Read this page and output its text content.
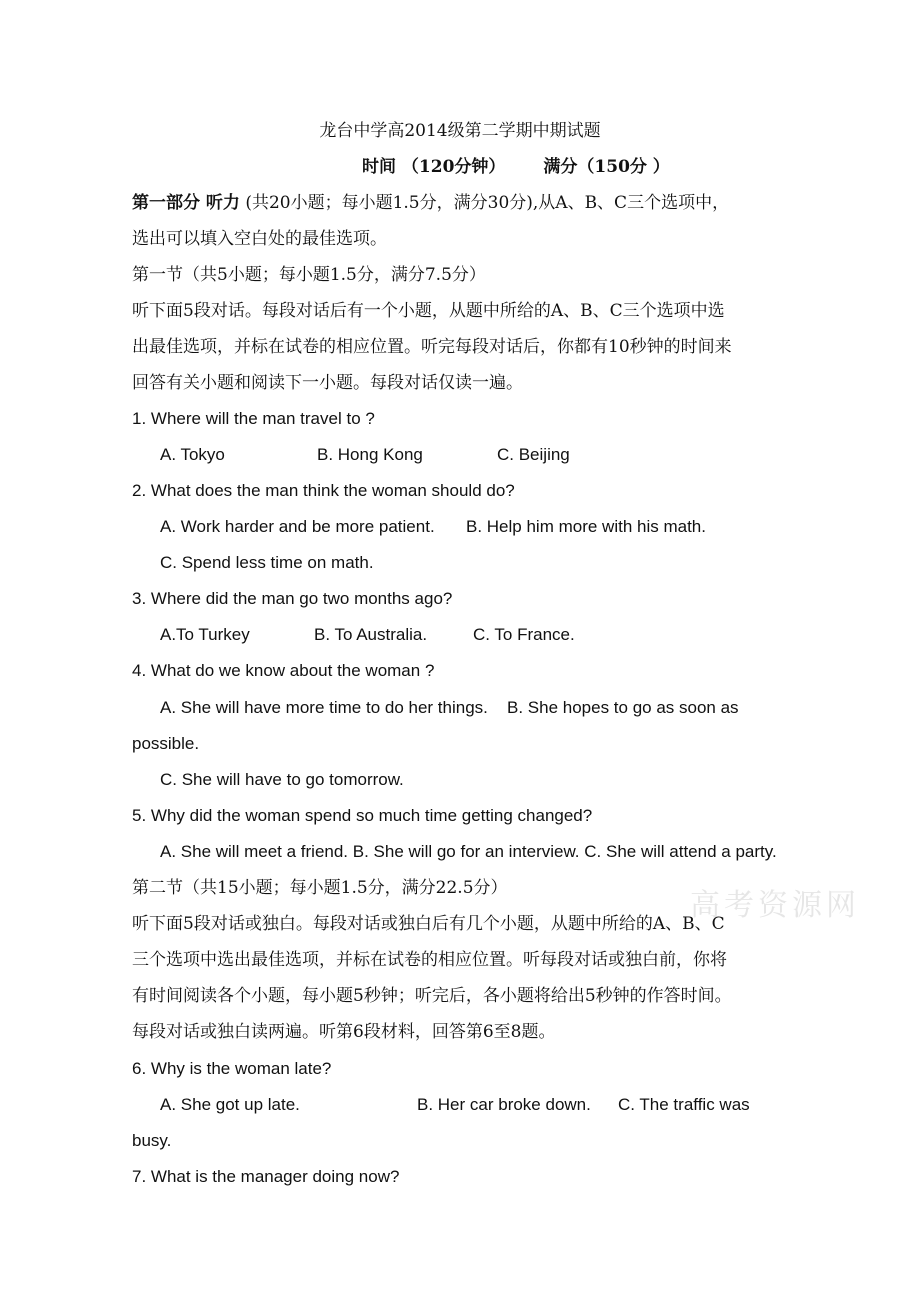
龙台中学高2014级第二学期中期试题
时间 （120分钟） 满分（150分 ）
第一部分 听力 (共20小题；每小题1.5分，满分30分),从A、B、C三个选项中，
选出可以填入空白处的最佳选项。
第一节（共5小题；每小题1.5分，满分7.5分）
听下面5段对话。每段对话后有一个小题，从题中所给的A、B、C三个选项中选
出最佳选项，并标在试卷的相应位置。听完每段对话后，你都有10秒钟的时间来
回答有关小题和阅读下一小题。每段对话仅读一遍。
1. Where will the man travel to ?
A. Tokyo	B. Hong Kong	C. Beijing
2. What does the man think the woman should do?
A. Work harder and be more patient. B. Help him more with his math.
C. Spend less time on math.
3. Where did the man go two months ago?
A.To Turkey	B. To Australia.	C. To France.
4. What do we know about the woman ?
A. She will have more time to do her things. B. She hopes to go as soon as
possible.
C. She will have to go tomorrow.
5. Why did the woman spend so much time getting changed?
A. She will meet a friend. B. She will go for an interview. C. She will attend a party.
第二节（共15小题；每小题1.5分，满分22.5分）
听下面5段对话或独白。每段对话或独白后有几个小题，从题中所给的A、B、C
三个选项中选出最佳选项，并标在试卷的相应位置。听每段对话或独白前，你将
有时间阅读各个小题，每小题5秒钟；听完后，各小题将给出5秒钟的作答时间。
每段对话或独白读两遍。听第6段材料，回答第6至8题。
6. Why is the woman late?
A. She got up late.	B. Her car broke down. C. The traffic was
busy.
7. What is the manager doing now?
高考资源网
